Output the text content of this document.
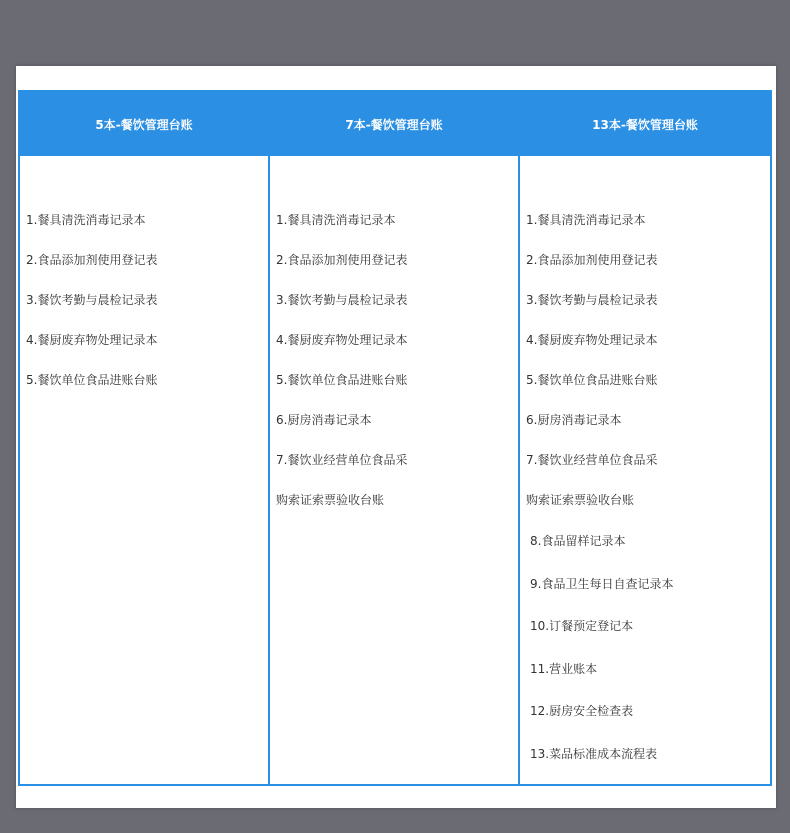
5本-餐饮管理台账
1.餐具清洗消毒记录本
2.食品添加剂使用登记表
3.餐饮考勤与晨检记录表
4.餐厨废弃物处理记录本
5.餐饮单位食品进账台账
7本-餐饮管理台账
1.餐具清洗消毒记录本
2.食品添加剂使用登记表
3.餐饮考勤与晨检记录表
4.餐厨废弃物处理记录本
5.餐饮单位食品进账台账
6.厨房消毒记录本
7.餐饮业经营单位食品采
购索证索票验收台账
13本-餐饮管理台账
1.餐具清洗消毒记录本
2.食品添加剂使用登记表
3.餐饮考勤与晨检记录表
4.餐厨废弃物处理记录本
5.餐饮单位食品进账台账
6.厨房消毒记录本
7.餐饮业经营单位食品采
购索证索票验收台账
8.食品留样记录本
9.食品卫生每日自查记录本
10.订餐预定登记本
11.营业账本
12.厨房安全检查表
13.菜品标准成本流程表
